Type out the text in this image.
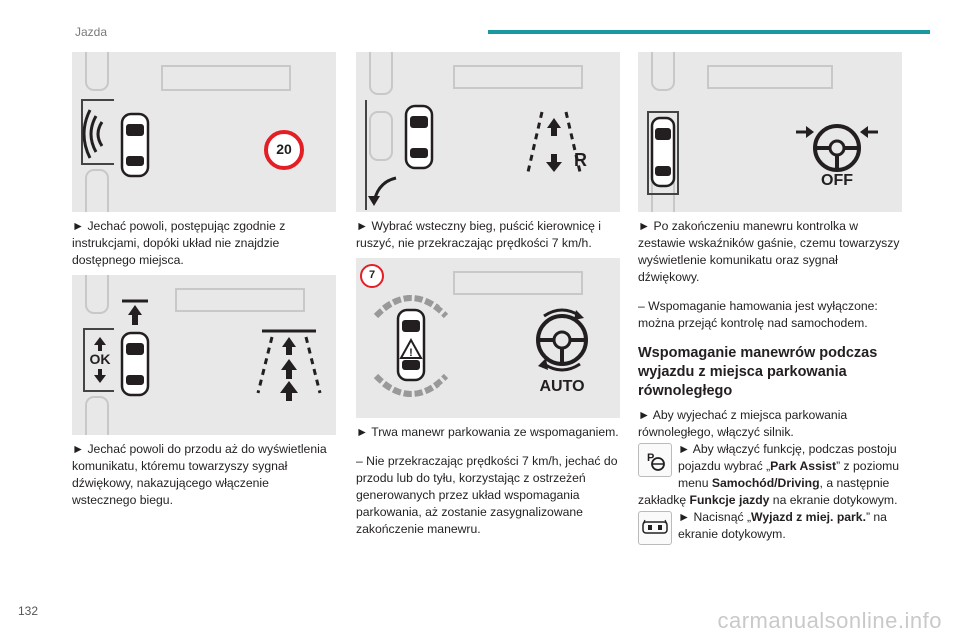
Jazda
20

► Jechać powoli, postępując zgodnie z instrukcjami, dopóki układ nie znajdzie dostępnego miejsca.

OK

► Jechać powoli do przodu aż do wyświetlenia komunikatu, któremu towarzyszy sygnał dźwiękowy, nakazującego włączenie wstecznego biegu.

R

► Wybrać wsteczny bieg, puścić kierownicę i ruszyć, nie przekraczając prędkości 7 km/h.

!
7
AUTO

► Trwa manewr parkowania ze wspomaganiem.

– Nie przekraczając prędkości 7 km/h, jechać do przodu lub do tyłu, korzystając z ostrzeżeń generowanych przez układ wspomagania parkowania, aż zostanie zasygnalizowane zakończenie manewru.

OFF

► Po zakończeniu manewru kontrolka w zestawie wskaźników gaśnie, czemu towarzyszy wyświetlenie komunikatu oraz sygnał dźwiękowy.

– Wspomaganie hamowania jest wyłączone: można przejąć kontrolę nad samochodem.

Wspomaganie manewrów podczas wyjazdu z miejsca parkowania równoległego

► Aby wyjechać z miejsca parkowania równoległego, włączyć silnik.

P

► Aby włączyć funkcję, podczas postoju pojazdu wybrać „Park Assist” z poziomu menu Samochód/Driving, a następnie zakładkę Funkcje jazdy na ekranie dotykowym.

► Nacisnąć „Wyjazd z miej. park.” na ekranie dotykowym.

132	carmanualsonline.info
